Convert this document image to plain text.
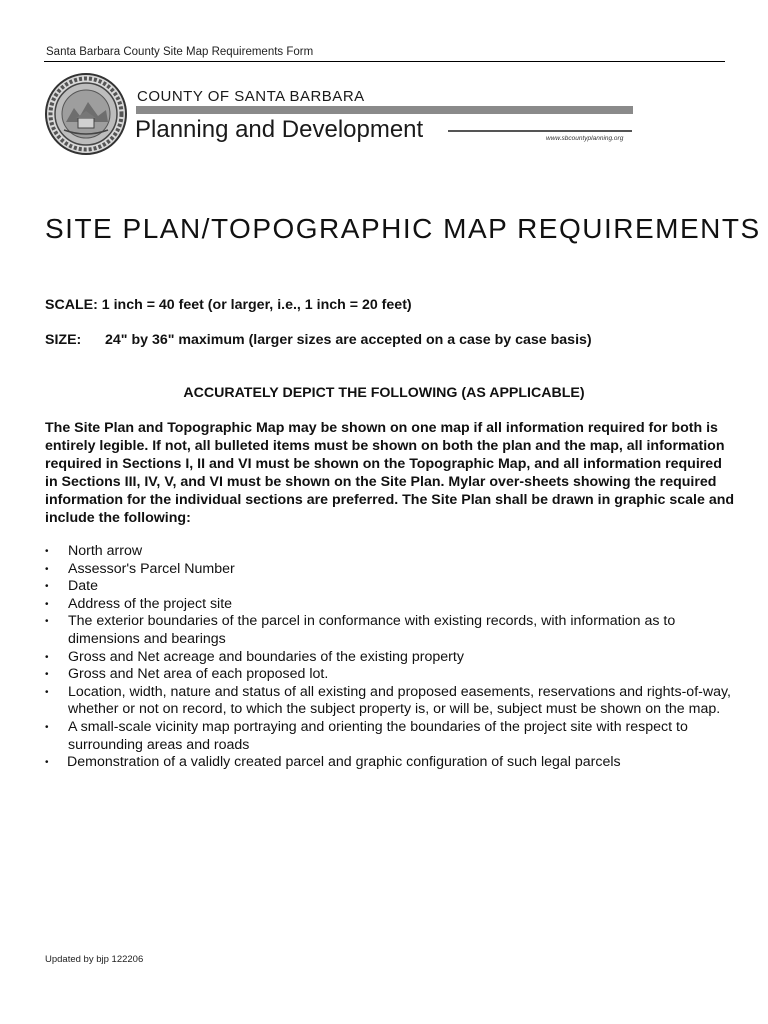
Santa Barbara County Site Map Requirements Form
COUNTY OF SANTA BARBARA
Planning and Development	www.sbcountyplanning.org
SITE PLAN/TOPOGRAPHIC MAP REQUIREMENTS
SCALE: 1 inch = 40 feet (or larger, i.e., 1 inch = 20 feet)
SIZE: 24" by 36" maximum (larger sizes are accepted on a case by case basis)
ACCURATELY DEPICT THE FOLLOWING (AS APPLICABLE)

The Site Plan and Topographic Map may be shown on one map if all information required for both is entirely legible. If not, all bulleted items must be shown on both the plan and the map, all information required in Sections I, II and VI must be shown on the Topographic Map, and all information required in Sections III, IV, V, and VI must be shown on the Site Plan. Mylar over-sheets showing the required information for the individual sections are preferred. The Site Plan shall be drawn in graphic scale and include the following:

• North arrow
• Assessor's Parcel Number
• Date
• Address of the project site
• The exterior boundaries of the parcel in conformance with existing records, with information as to dimensions and bearings
• Gross and Net acreage and boundaries of the existing property
• Gross and Net area of each proposed lot.
• Location, width, nature and status of all existing and proposed easements, reservations and rights-of-way, whether or not on record, to which the subject property is, or will be, subject must be shown on the map.
• A small-scale vicinity map portraying and orienting the boundaries of the project site with respect to surrounding areas and roads
• Demonstration of a validly created parcel and graphic configuration of such legal parcels
Updated by bjp 122206
